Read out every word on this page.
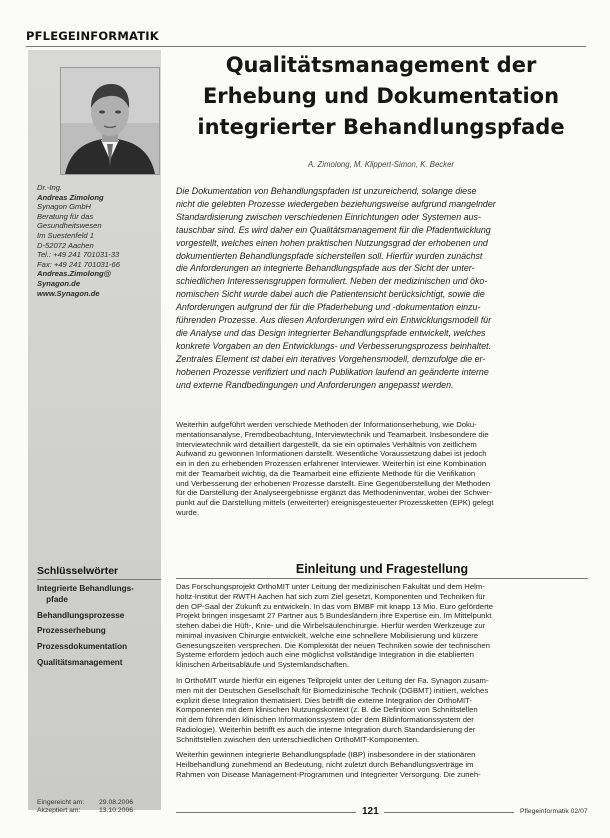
PFLEGEINFORMATIK
Dr.-Ing.
Andreas Zimolong
Synagon GmbH
Beratung für das
Gesundheitswesen
Im Suestenfeld 1
D-52072 Aachen
Tel.: +49 241 701031-33
Fax: +49 241 701031-66
Andreas.Zimolong@
Synagon.de
www.Synagon.de
Qualitätsmanagement der
Erhebung und Dokumentation
integrierter Behandlungspfade
A. Zimolong, M. Klippert-Simon, K. Becker
Die Dokumentation von Behandlungspfaden ist unzureichend, solange diese
nicht die gelebten Prozesse wiedergeben beziehungsweise aufgrund mangelnder
Standardisierung zwischen verschiedenen Einrichtungen oder Systemen aus-
tauschbar sind. Es wird daher ein Qualitätsmanagement für die Pfadentwicklung
vorgestellt, welches einen hohen praktischen Nutzungsgrad der erhobenen und
dokumentierten Behandlungspfade sicherstellen soll. Hierfür wurden zunächst
die Anforderungen an integrierte Behandlungspfade aus der Sicht der unter-
schiedlichen Interessensgruppen formuliert. Neben der medizinischen und öko-
nomischen Sicht wurde dabei auch die Patientensicht berücksichtigt, sowie die
Anforderungen aufgrund der für die Pfaderhebung und -dokumentation einzu-
führenden Prozesse. Aus diesen Anforderungen wird ein Entwicklungsmodell für
die Analyse und das Design integrierter Behandlungspfade entwickelt, welches
konkrete Vorgaben an den Entwicklungs- und Verbesserungsprozess beinhaltet.
Zentrales Element ist dabei ein iteratives Vorgehensmodell, demzufolge die er-
hobenen Prozesse verifiziert und nach Publikation laufend an geänderte interne
und externe Randbedingungen und Anforderungen angepasst werden.
Weiterhin aufgeführt werden verschiede Methoden der Informationserhebung, wie Doku-
mentationsanalyse, Fremdbeobachtung, Interviewtechnik und Teamarbeit. Insbesondere die
Interviewtechnik wird detailliert dargestellt, da sie ein optimales Verhältnis von zeitlichem
Aufwand zu gewonnen Informationen darstellt. Wesentliche Voraussetzung dabei ist jedoch
ein in den zu erhebenden Prozessen erfahrener Interviewer. Weiterhin ist eine Kombination
mit der Teamarbeit wichtig, da die Teamarbeit eine effiziente Methode für die Verifikation
und Verbesserung der erhobenen Prozesse darstellt. Eine Gegenüberstellung der Methoden
für die Darstellung der Analyseergebnisse ergänzt das Methodeninventar, wobei der Schwer-
punkt auf die Darstellung mittels (erweiterter) ereignisgesteuerter Prozessketten (EPK) gelegt
wurde.
Schlüsselwörter
Integrierte Behandlungs-    pfade
Behandlungsprozesse
Prozesserhebung
Prozessdokumentation
Qualitätsmanagement
Einleitung und Fragestellung
Das Forschungsprojekt OrthoMIT unter Leitung der medizinischen Fakultät und dem Helm-
holtz-Institut der RWTH Aachen hat sich zum Ziel gesetzt, Komponenten und Techniken für
den OP-Saal der Zukunft zu entwickeln. In das vom BMBF mit knapp 13 Mio. Euro geförderte
Projekt bringen insgesamt 27 Partner aus 5 Bundesländern ihre Expertise ein. Im Mittelpunkt
stehen dabei die Hüft-, Knie- und die Wirbelsäulenchirurgie. Hierfür werden Werkzeuge zur
minimal invasiven Chirurgie entwickelt, welche eine schnellere Mobilisierung und kürzere
Genesungszeiten versprechen. Die Komplexität der neuen Techniken sowie der technischen
Systeme erfordern jedoch auch eine möglichst vollständige Integration in die etablierten
klinischen Arbeitsabläufe und Systemlandschaften.
In OrthoMIT wurde hierfür ein eigenes Teilprojekt unter der Leitung der Fa. Synagon zusam-
men mit der Deutschen Gesellschaft für Biomedizinische Technik (DGBMT) initiiert, welches
explizit diese Integration thematisiert. Dies betrifft die externe Integration der OrthoMIT-
Komponenten mit dem klinischen Nutzungskontext (z. B. die Definition von Schnittstellen
mit dem führenden klinischen Informationssystem oder dem Bildinformationssystem der
Radiologie). Weiterhin betrifft es auch die interne Integration durch Standardisierung der
Schnittstellen zwischen den unterschiedlichen OrthoMIT-Komponenten.
Weiterhin gewinnen integrierte Behandlungspfade (IBP) insbesondere in der stationären
Heilbehandlung zunehmend an Bedeutung, nicht zuletzt durch Behandlungsverträge im
Rahmen von Disease Management-Programmen und Integrierter Versorgung. Die zuneh-
Eingereicht am:	29.08.2006
Akzeptiert am:	13.10.2006	121	Pflegeinformatik 02/07
